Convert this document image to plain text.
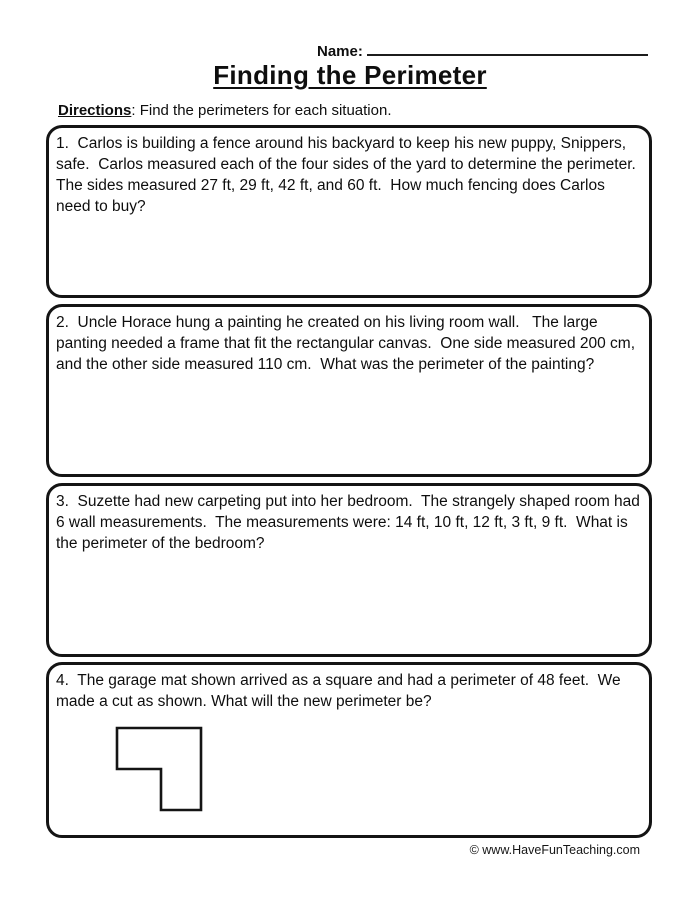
Name:
Finding the Perimeter
Directions: Find the perimeters for each situation.

1.  Carlos is building a fence around his backyard to keep his new puppy, Snippers, safe.  Carlos measured each of the four sides of the yard to determine the perimeter.  The sides measured 27 ft, 29 ft, 42 ft, and 60 ft.  How much fencing does Carlos need to buy?

2.  Uncle Horace hung a painting he created on his living room wall.   The large panting needed a frame that fit the rectangular canvas.  One side measured 200 cm, and the other side measured 110 cm.  What was the perimeter of the painting?

3.  Suzette had new carpeting put into her bedroom.  The strangely shaped room had 6 wall measurements.  The measurements were: 14 ft, 10 ft, 12 ft, 3 ft, 9 ft.  What is the perimeter of the bedroom?

4.  The garage mat shown arrived as a square and had a perimeter of 48 feet.  We made a cut as shown. What will the new perimeter be?

© www.HaveFunTeaching.com
